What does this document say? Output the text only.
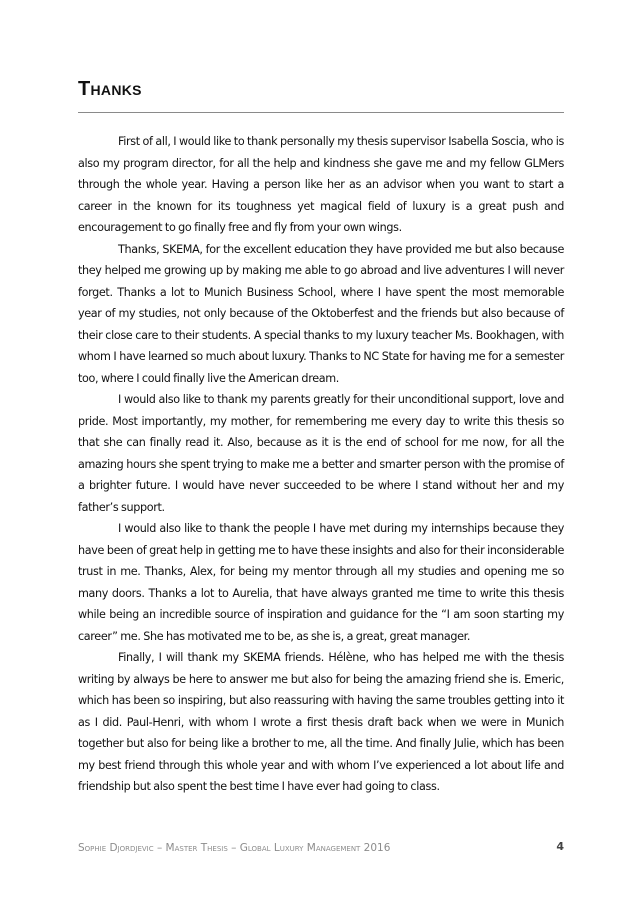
Thanks

First of all, I would like to thank personally my thesis supervisor Isabella Soscia, who is also my program director, for all the help and kindness she gave me and my fellow GLMers through the whole year. Having a person like her as an advisor when you want to start a career in the known for its toughness yet magical field of luxury is a great push and encouragement to go finally free and fly from your own wings.

Thanks, SKEMA, for the excellent education they have provided me but also because they helped me growing up by making me able to go abroad and live adventures I will never forget. Thanks a lot to Munich Business School, where I have spent the most memorable year of my studies, not only because of the Oktoberfest and the friends but also because of their close care to their students. A special thanks to my luxury teacher Ms. Bookhagen, with whom I have learned so much about luxury. Thanks to NC State for having me for a semester too, where I could finally live the American dream.

I would also like to thank my parents greatly for their unconditional support, love and pride. Most importantly, my mother, for remembering me every day to write this thesis so that she can finally read it. Also, because as it is the end of school for me now, for all the amazing hours she spent trying to make me a better and smarter person with the promise of a brighter future. I would have never succeeded to be where I stand without her and my father’s support.

I would also like to thank the people I have met during my internships because they have been of great help in getting me to have these insights and also for their inconsiderable trust in me. Thanks, Alex, for being my mentor through all my studies and opening me so many doors. Thanks a lot to Aurelia, that have always granted me time to write this thesis while being an incredible source of inspiration and guidance for the “I am soon starting my career” me. She has motivated me to be, as she is, a great, great manager.

Finally, I will thank my SKEMA friends. Hélène, who has helped me with the thesis writing by always be here to answer me but also for being the amazing friend she is. Emeric, which has been so inspiring, but also reassuring with having the same troubles getting into it as I did. Paul-Henri, with whom I wrote a first thesis draft back when we were in Munich together but also for being like a brother to me, all the time. And finally Julie, which has been my best friend through this whole year and with whom I’ve experienced a lot about life and friendship but also spent the best time I have ever had going to class.

Sophie Djordjevic – Master Thesis – Global Luxury Management 2016	4
